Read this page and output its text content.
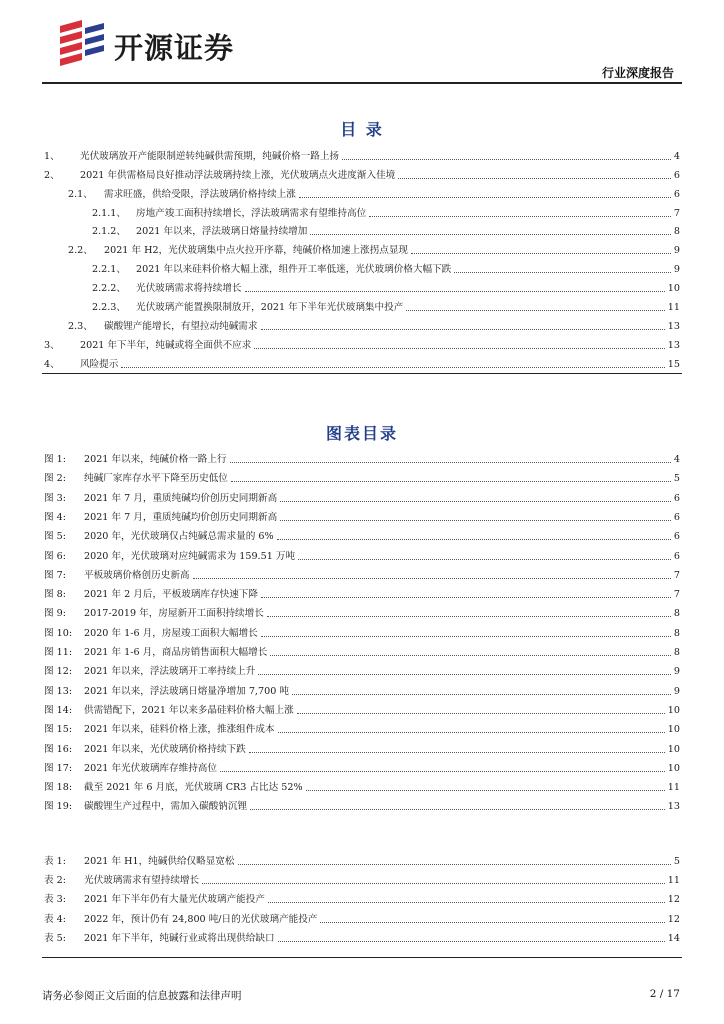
开源证券
行业深度报告
目 录
1、	光伏玻璃放开产能限制逆转纯碱供需预期，纯碱价格一路上扬	4
2、	2021 年供需格局良好推动浮法玻璃持续上涨，光伏玻璃点火进度渐入佳境	6
2.1、	需求旺盛，供给受限，浮法玻璃价格持续上涨	6
2.1.1、	房地产竣工面积持续增长，浮法玻璃需求有望维持高位	7
2.1.2、	2021 年以来，浮法玻璃日熔量持续增加	8
2.2、	2021 年 H2，光伏玻璃集中点火拉开序幕，纯碱价格加速上涨拐点显现	9
2.2.1、	2021 年以来硅料价格大幅上涨，组件开工率低迷，光伏玻璃价格大幅下跌	9
2.2.2、	光伏玻璃需求将持续增长	10
2.2.3、	光伏玻璃产能置换限制放开，2021 年下半年光伏玻璃集中投产	11
2.3、	碳酸锂产能增长，有望拉动纯碱需求	13
3、	2021 年下半年，纯碱或将全面供不应求	13
4、	风险提示	15
图表目录
图 1:	2021 年以来，纯碱价格一路上行	4
图 2:	纯碱厂家库存水平下降至历史低位	5
图 3:	2021 年 7 月，重质纯碱均价创历史同期新高	6
图 4:	2021 年 7 月，重质纯碱均价创历史同期新高	6
图 5:	2020 年，光伏玻璃仅占纯碱总需求量的 6%	6
图 6:	2020 年，光伏玻璃对应纯碱需求为 159.51 万吨	6
图 7:	平板玻璃价格创历史新高	7
图 8:	2021 年 2 月后，平板玻璃库存快速下降	7
图 9:	2017-2019 年，房屋新开工面积持续增长	8
图 10:	2020 年 1-6 月，房屋竣工面积大幅增长	8
图 11:	2021 年 1-6 月，商品房销售面积大幅增长	8
图 12:	2021 年以来，浮法玻璃开工率持续上升	9
图 13:	2021 年以来，浮法玻璃日熔量净增加 7,700 吨	9
图 14:	供需错配下，2021 年以来多晶硅料价格大幅上涨	10
图 15:	2021 年以来，硅料价格上涨，推涨组件成本	10
图 16:	2021 年以来，光伏玻璃价格持续下跌	10
图 17:	2021 年光伏玻璃库存维持高位	10
图 18:	截至 2021 年 6 月底，光伏玻璃 CR3 占比达 52%	11
图 19:	碳酸锂生产过程中，需加入碳酸钠沉锂	13
表 1:	2021 年 H1，纯碱供给仅略显宽松	5
表 2:	光伏玻璃需求有望持续增长	11
表 3:	2021 年下半年仍有大量光伏玻璃产能投产	12
表 4:	2022 年，预计仍有 24,800 吨/日的光伏玻璃产能投产	12
表 5:	2021 年下半年，纯碱行业或将出现供给缺口	14
请务必参阅正文后面的信息披露和法律声明	2 / 17
